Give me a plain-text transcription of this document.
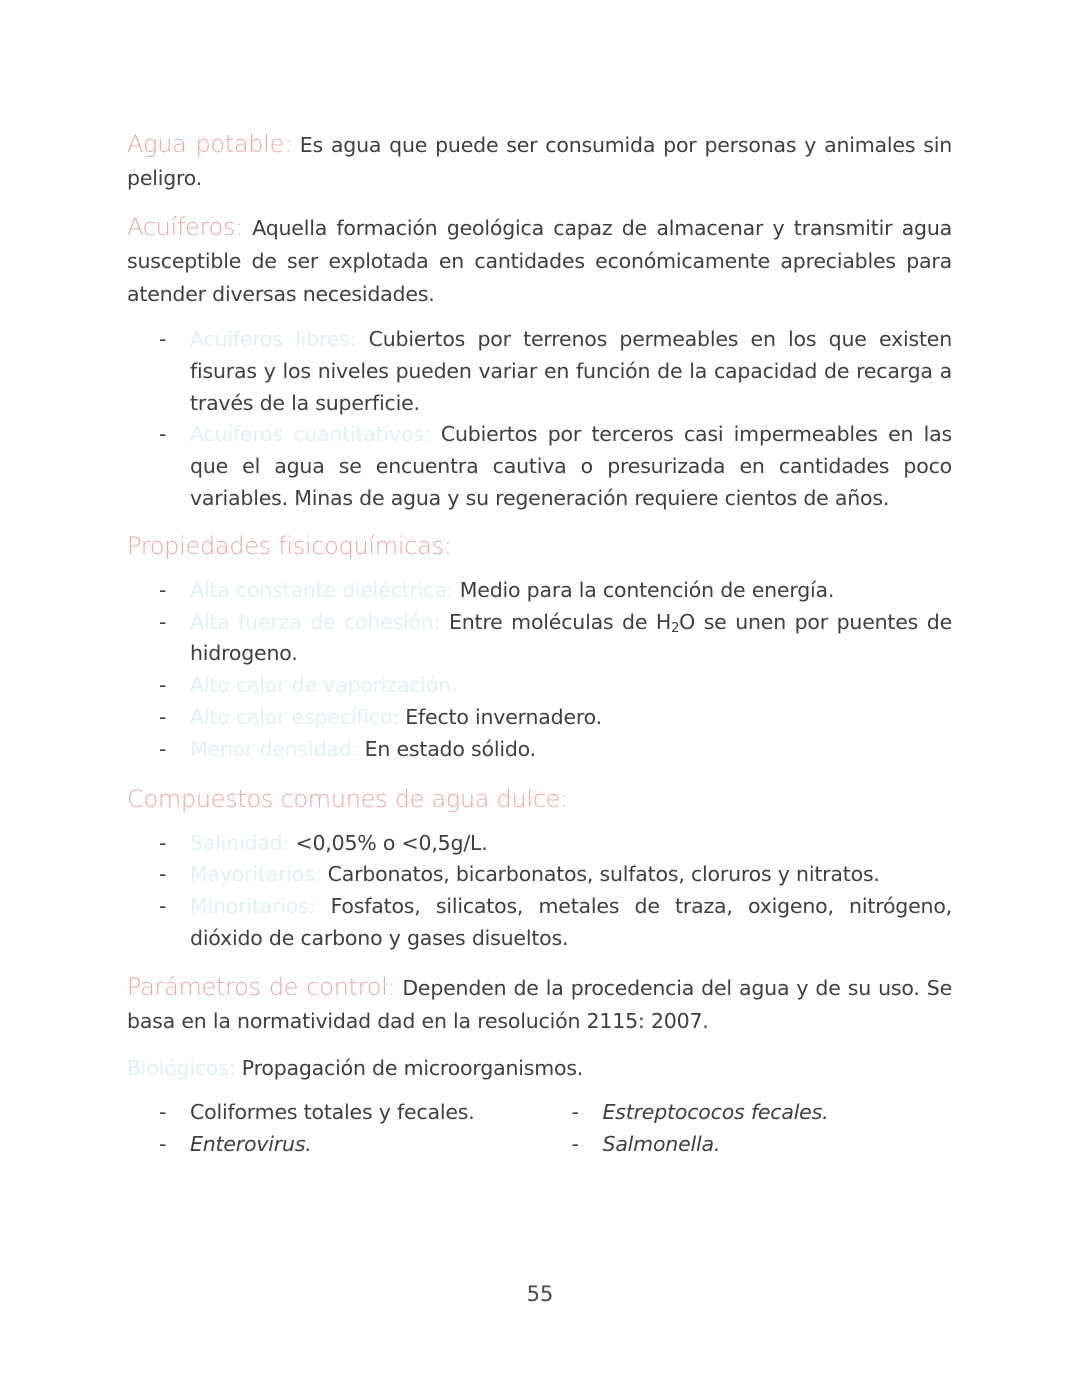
Agua potable: Es agua que puede ser consumida por personas y animales sin peligro.

Acuíferos: Aquella formación geológica capaz de almacenar y transmitir agua susceptible de ser explotada en cantidades económicamente apreciables para atender diversas necesidades.

- Acuíferos libres: Cubiertos por terrenos permeables en los que existen fisuras y los niveles pueden variar en función de la capacidad de recarga a través de la superficie.
- Acuíferos cuantitativos: Cubiertos por terceros casi impermeables en las que el agua se encuentra cautiva o presurizada en cantidades poco variables. Minas de agua y su regeneración requiere cientos de años.
Propiedades fisicoquímicas:
- Alta constante dieléctrica: Medio para la contención de energía.
- Alta fuerza de cohesión: Entre moléculas de $H_2O$ se unen por puentes de hidrogeno.
- Alto calor de vaporización.
- Alto calor específico: Efecto invernadero.
- Menor densidad: En estado sólido.
Compuestos comunes de agua dulce:
- Salinidad: <0,05% o <0,5g/L.
- Mayoritarios: Carbonatos, bicarbonatos, sulfatos, cloruros y nitratos.
- Minoritarios: Fosfatos, silicatos, metales de traza, oxigeno, nitrógeno, dióxido de carbono y gases disueltos.

Parámetros de control: Dependen de la procedencia del agua y de su uso. Se basa en la normatividad dad en la resolución 2115: 2007.

Biológicos: Propagación de microorganismos.

- Coliformes totales y fecales.
- Enterovirus.
- Estreptococos fecales.
- Salmonella.
55
